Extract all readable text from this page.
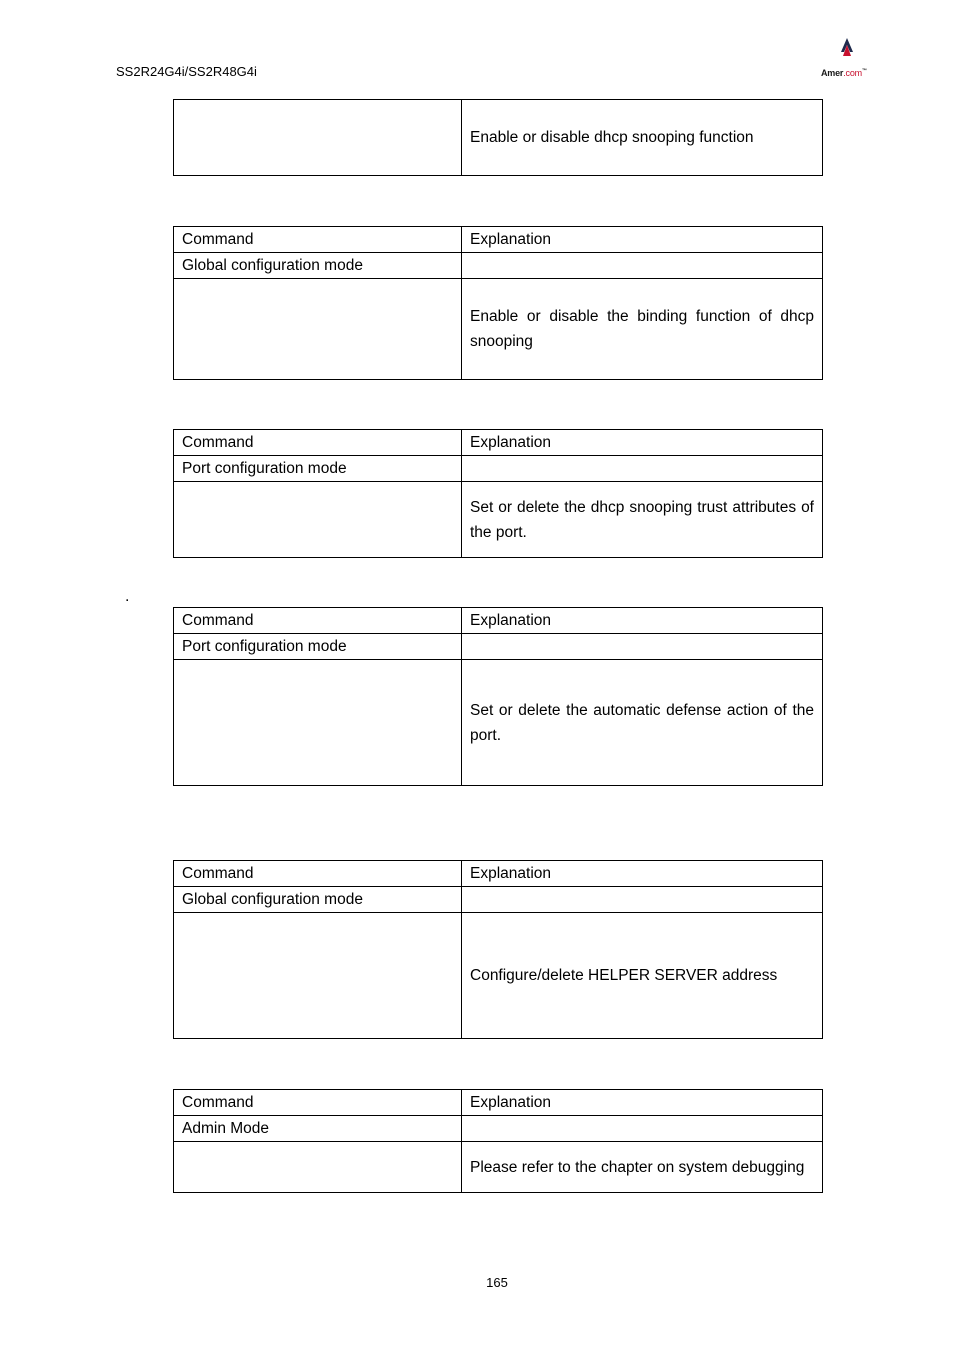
SS2R24G4i/SS2R48G4i	Amer.com™
	Enable or disable dhcp snooping function
Command	Explanation
Global configuration mode	
	Enable or disable the binding function of dhcp snooping
Command	Explanation
Port configuration mode	
	Set or delete the dhcp snooping trust attributes of the port.
.
Command	Explanation
Port configuration mode	
	Set or delete the automatic defense action of the port.
Command	Explanation
Global configuration mode	
	Configure/delete HELPER SERVER address
Command	Explanation
Admin Mode	
	Please refer to the chapter on system debugging
165
